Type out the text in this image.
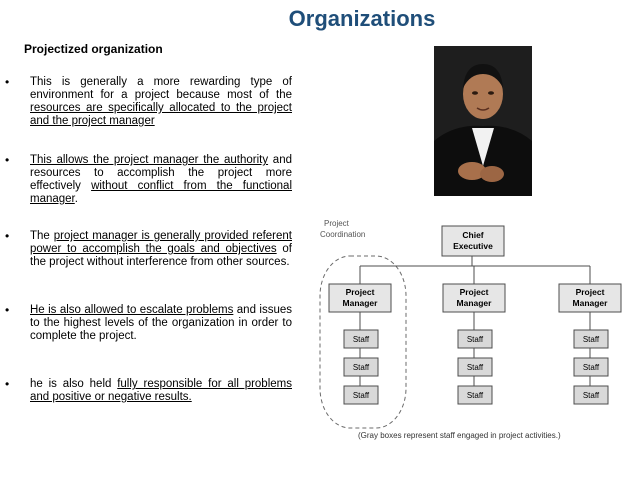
Organizations
Projectized organization
• This is generally a more rewarding type of environment for a project because most of the resources are specifically allocated to the project and the project manager
• This allows the project manager the authority and resources to accomplish the project more effectively without conflict from the functional manager.
• The project manager is generally provided referent power to accomplish the goals and objectives of the project without interference from other sources.
• He is also allowed to escalate problems and issues to the highest levels of the organization in order to complete the project.
• he is also held fully responsible for all problems and positive or negative results.
Project
Coordination	Chief
Executive
Project
Manager
Project
Manager
Project
Manager
Staff
Staff
Staff
Staff
Staff
Staff
Staff
Staff
Staff
(Gray boxes represent staff engaged in project activities.)
